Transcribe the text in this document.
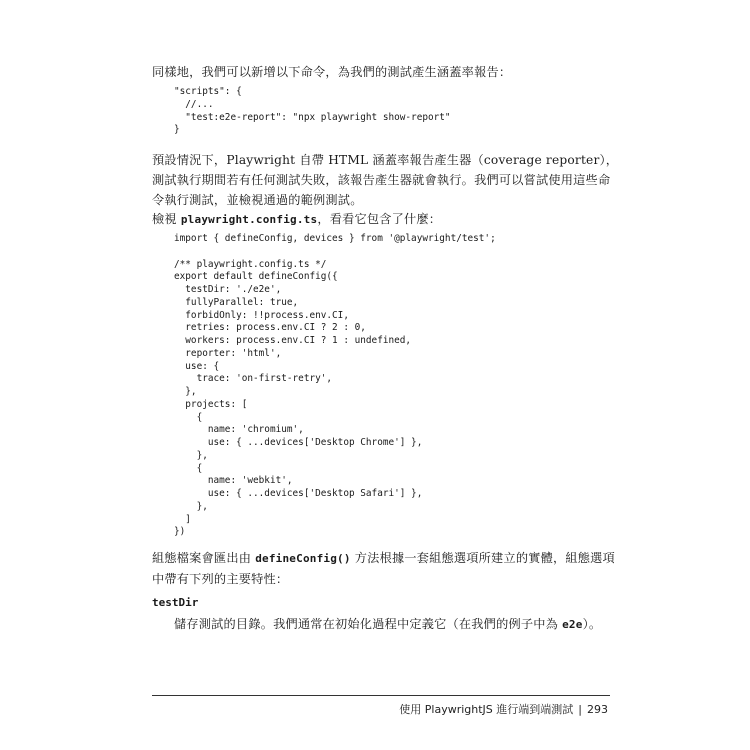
同樣地，我們可以新增以下命令，為我們的測試產生涵蓋率報告：

"scripts": {
//...
"test:e2e-report": "npx playwright show-report"
}

預設情況下，Playwright 自帶 HTML 涵蓋率報告產生器（coverage reporter），測試執行期間若有任何測試失敗，該報告產生器就會執行。我們可以嘗試使用這些命令執行測試，並檢視通過的範例測試。

檢視 playwright.config.ts，看看它包含了什麼：

import { defineConfig, devices } from '@playwright/test';

/** playwright.config.ts */
export default defineConfig({
testDir: './e2e',
fullyParallel: true,
forbidOnly: !!process.env.CI,
retries: process.env.CI ? 2 : 0,
workers: process.env.CI ? 1 : undefined,
reporter: 'html',
use: {
trace: 'on-first-retry',
},
projects: [
{
name: 'chromium',
use: { ...devices['Desktop Chrome'] },
},
{
name: 'webkit',
use: { ...devices['Desktop Safari'] },
},
]
})

組態檔案會匯出由 defineConfig() 方法根據一套組態選項所建立的實體，組態選項中帶有下列的主要特性：

testDir

儲存測試的目錄。我們通常在初始化過程中定義它（在我們的例子中為 e2e）。

使用 PlaywrightJS 進行端到端測試 | 293
